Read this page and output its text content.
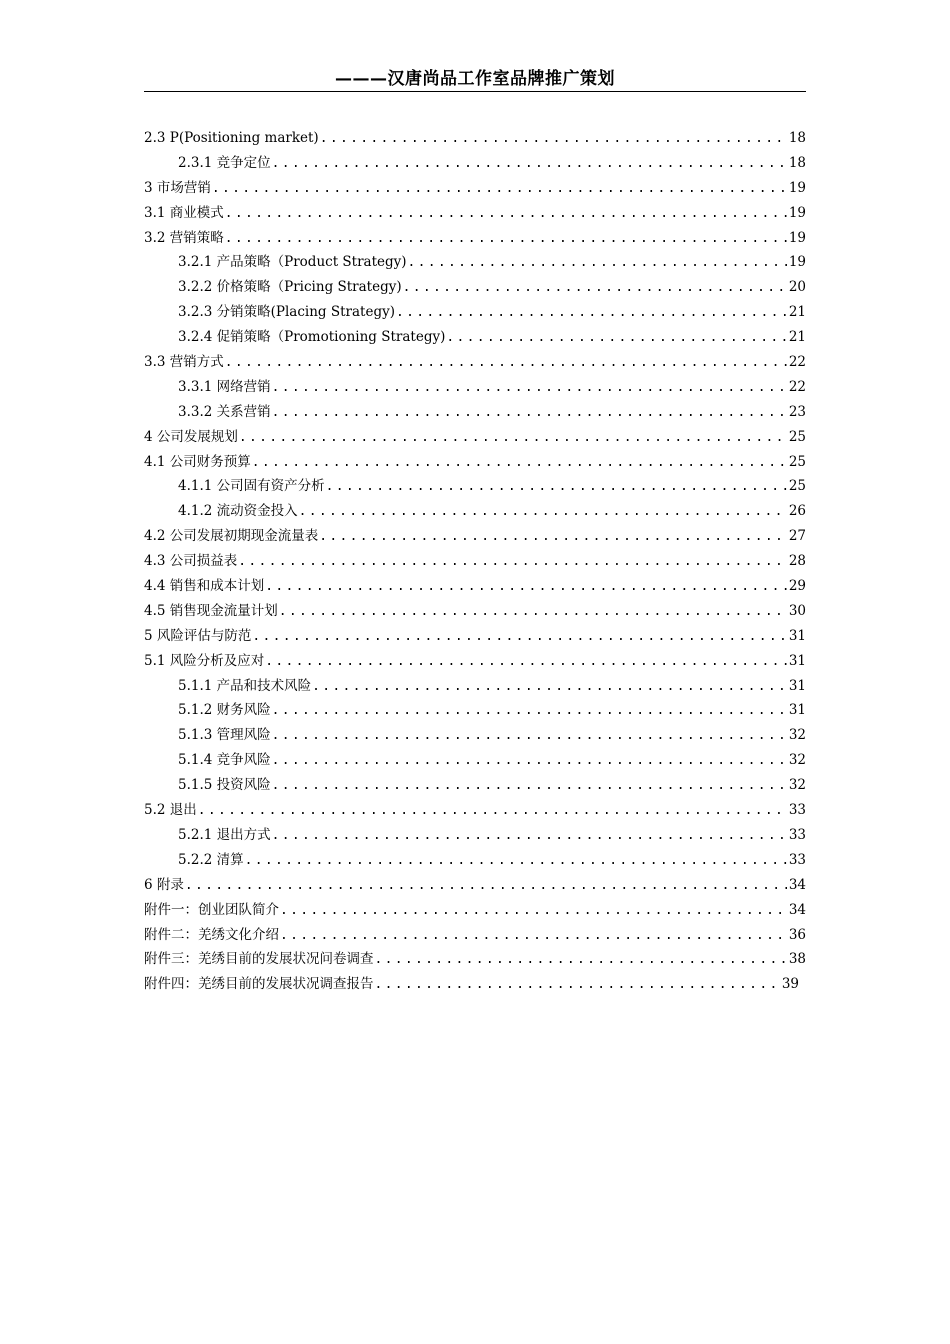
———汉唐尚品工作室品牌推广策划
2.3 P(Positioning market) .....	18
2.3.1 竞争定位 .....	18
3 市场营销 .....	19
3.1 商业模式 .....	19
3.2 营销策略 .....	19
3.2.1 产品策略（Product Strategy) .....	19
3.2.2 价格策略（Pricing Strategy) .....	20
3.2.3 分销策略(Placing Strategy) .....	21
3.2.4 促销策略（Promotioning Strategy) .....	21
3.3 营销方式 .....	22
3.3.1 网络营销 .....	22
3.3.2 关系营销 .....	23
4 公司发展规划 .....	25
4.1 公司财务预算 .....	25
4.1.1 公司固有资产分析 .....	25
4.1.2 流动资金投入 .....	26
4.2 公司发展初期现金流量表 .....	27
4.3 公司损益表 .....	28
4.4 销售和成本计划 .....	29
4.5 销售现金流量计划 .....	30
5 风险评估与防范 .....	31
5.1 风险分析及应对 .....	31
5.1.1 产品和技术风险 .....	31
5.1.2 财务风险 .....	31
5.1.3 管理风险 .....	32
5.1.4 竞争风险 .....	32
5.1.5 投资风险 .....	32
5.2 退出 .....	33
5.2.1 退出方式 .....	33
5.2.2 清算 .....	33
6 附录 .....	34
附件一：创业团队简介 .....	34
附件二：羌绣文化介绍 .....	36
附件三：羌绣目前的发展状况问卷调查 .....	38
附件四：羌绣目前的发展状况调查报告 .....	39
